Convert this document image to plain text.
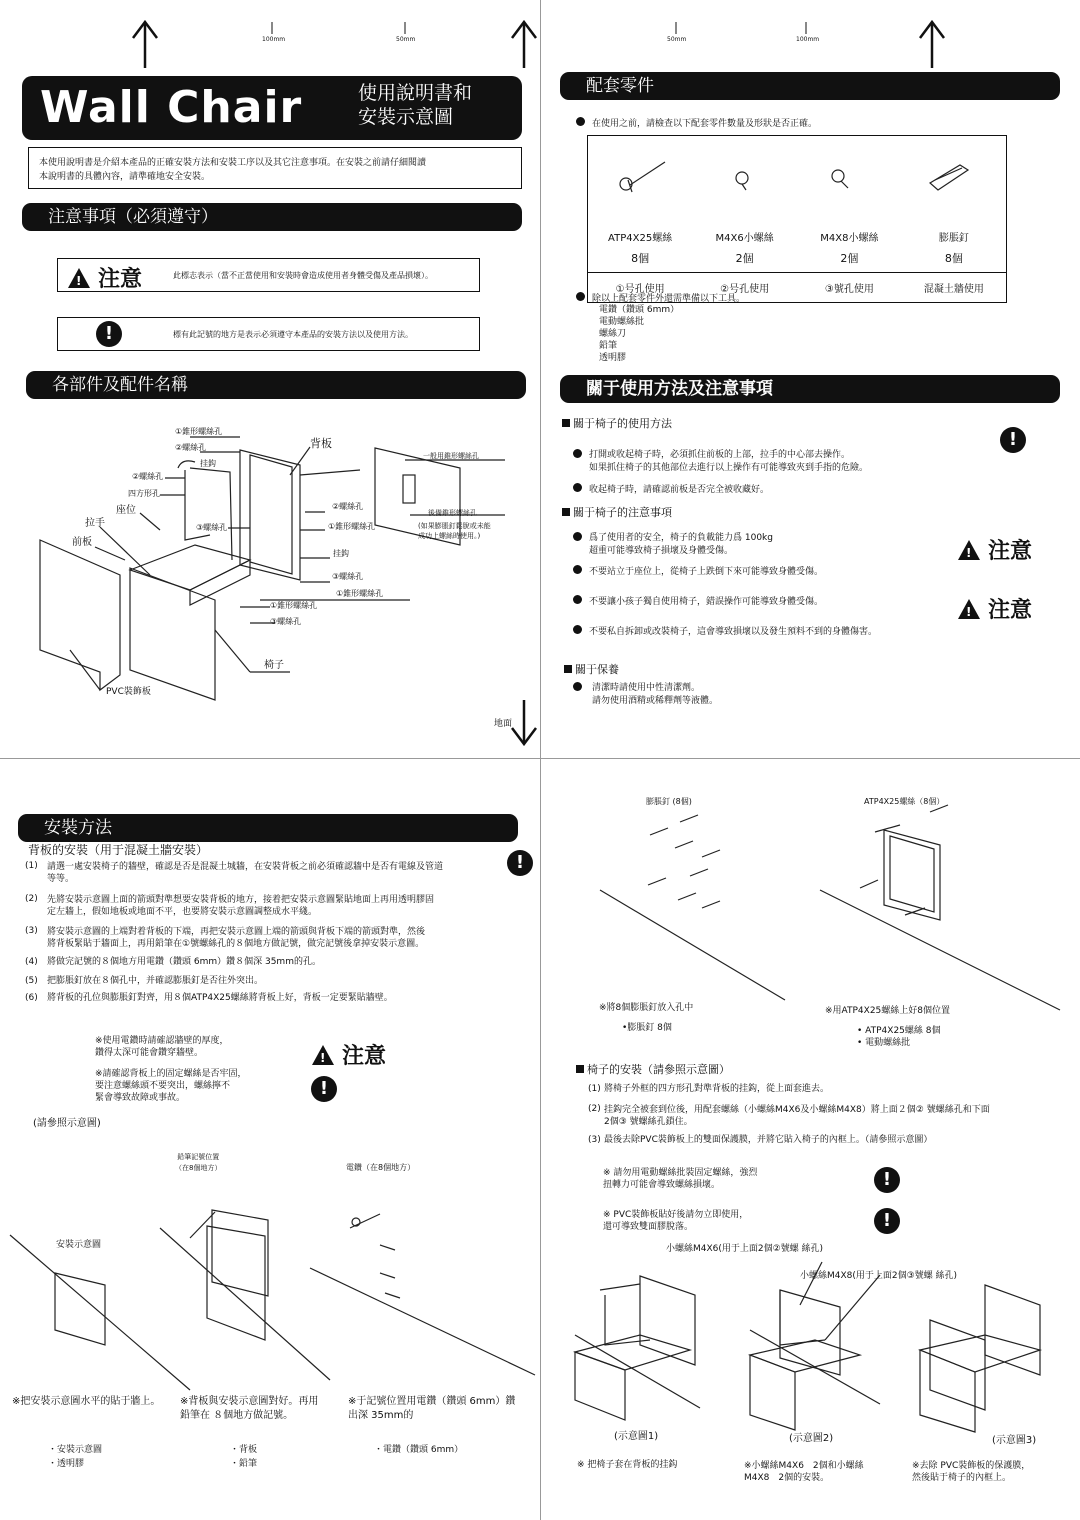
100mm	50mm
Wall Chair	使用說明書和
安裝示意圖
本使用說明書是介紹本產品的正確安裝方法和安裝工序以及其它注意事項。在安裝之前請仔細閱讀
本說明書的具體內容，請準確地安全安裝。
注意事項（必須遵守）
!注意	此標志表示（當不正當使用和安裝時會造成使用者身體受傷及產品損壞）。
!	標有此記號的地方是表示必須遵守本產品的安裝方法以及使用方法。
各部件及配件名稱
①錐形螺絲孔
②螺絲孔
挂鈎
背板
一般用錐形螺絲孔
②螺絲孔
四方形孔
座位
③螺絲孔
②螺絲孔
①錐形螺絲孔
後備錐形螺絲孔
(如果膨脹釘鬆脫或未能
成功上螺絲時使用。)
挂鈎
③螺絲孔
拉手
前板
①錐形螺絲孔
①錐形螺絲孔
③螺絲孔
椅子
PVC裝飾板
地面
50mm	100mm
配套零件
在使用之前，請檢查以下配套零件數量及形狀是否正確。

ATP4X25螺絲	M4X6小螺絲	M4X8小螺絲	膨脹釘
8個	2個	2個	8個
①号孔使用	②号孔使用	③號孔使用	混凝土牆使用
除以上配套零件外還需準備以下工具。
電鑽（鑽頭 6mm）
電動螺絲批
螺絲刀
鉛筆
透明膠
關于使用方法及注意事項
關于椅子的使用方法
!
打開或收起椅子時，必須抓住前板的上部，拉手的中心部去操作。
如果抓住椅子的其他部位去進行以上操作有可能導致夾到手指的危險。
收起椅子時，請確認前板是否完全被收藏好。
關于椅子的注意事項
爲了使用者的安全，椅子的負載能力爲 100kg
超重可能導致椅子損壞及身體受傷。
不要站立于座位上，從椅子上跌倒下來可能導致身體受傷。
不要讓小孩子獨自使用椅子，錯誤操作可能導致身體受傷。
不要私自拆卸或改裝椅子，這會導致損壞以及發生預料不到的身體傷害。
!注意
!注意
關于保養
清潔時請使用中性清潔劑。
請勿使用酒精或稀釋劑等液體。
安裝方法
背板的安裝（用于混凝土牆安裝）
!
(1) 請選一處安裝椅子的牆壁，確認是否是混凝土城牆，在安裝背板之前必須確認牆中是否有電線及管道
等等。
(2) 先將安裝示意圖上面的箭頭對準想要安裝背板的地方，接着把安裝示意圖緊貼地面上再用透明膠固
定左牆上，假如地板或地面不平，也要將安裝示意圖調整成水平綫。
(3) 將安裝示意圖的上端對着背板的下端，再把安裝示意圖上端的箭頭與背板下端的箭頭對準，然後
將背板緊貼于牆面上，再用鉛筆在①號螺絲孔的８個地方做記號，做完記號後拿掉安裝示意圖。
(4) 將做完記號的８個地方用電鑽（鑽頭 6mm）鑽８個深 35mm的孔。
(5) 把膨脹釘放在８個孔中，并確認膨脹釘是否往外突出。
(6) 將背板的孔位與膨脹釘對齊，用８個ATP4X25螺絲將背板上好，背板一定要緊貼牆壁。
※使用電鑽時請確認牆壁的厚度，
鑽得太深可能會鑽穿牆壁。
※請確認背板上的固定螺絲是否牢固，
要注意螺絲頭不要突出，螺絲擰不
緊會導致故障或事故。
!注意
!
(請參照示意圖)
鉛筆記號位置
（在8個地方）	電鑽（在8個地方）
安裝示意圖
※把安裝示意圖水平的貼于牆上。 ※背板與安裝示意圖對好。再用
鉛筆在 ８個地方做記號。
※于記號位置用電鑽（鑽頭 6mm）鑽
出深 35mm的
・安裝示意圖
・透明膠
・背板
・鉛筆
・電鑽（鑽頭 6mm）
膨脹釘 (8個)	ATP4X25螺絲（8個）
※將8個膨脹釘放入孔中
•膨脹釘 8個
※用ATP4X25螺絲上好8個位置
• ATP4X25螺絲 8個
• 電動螺絲批
椅子的安裝（請參照示意圖）
(1) 將椅子外框的四方形孔對準背板的挂鈎，從上面套進去。
(2) 挂鈎完全被套到位後，用配套螺絲（小螺絲M4X6及小螺絲M4X8）將上面２個② 號螺絲孔和下面
2個③ 號螺絲孔鎖住。
(3) 最後去除PVC裝飾板上的雙面保護膜，并將它貼入椅子的內框上。（請參照示意圖）
※ 請勿用電動螺絲批裝固定螺絲，強烈
扭轉力可能會導致螺絲損壞。	!
※ PVC裝飾板貼好後請勿立即使用，
還可導致雙面膠脫落。	!
小螺絲M4X6(用于上面2個②號螺 絲孔)
小螺絲M4X8(用于上面2個③號螺 絲孔)
(示意圖1)	(示意圖2)	(示意圖3)
※ 把椅子套在背板的挂鈎	※小螺絲M4X6　2個和小螺絲
M4X8　2個的安裝。
※去除 PVC裝飾板的保護膜，
然後貼于椅子的內框上。
